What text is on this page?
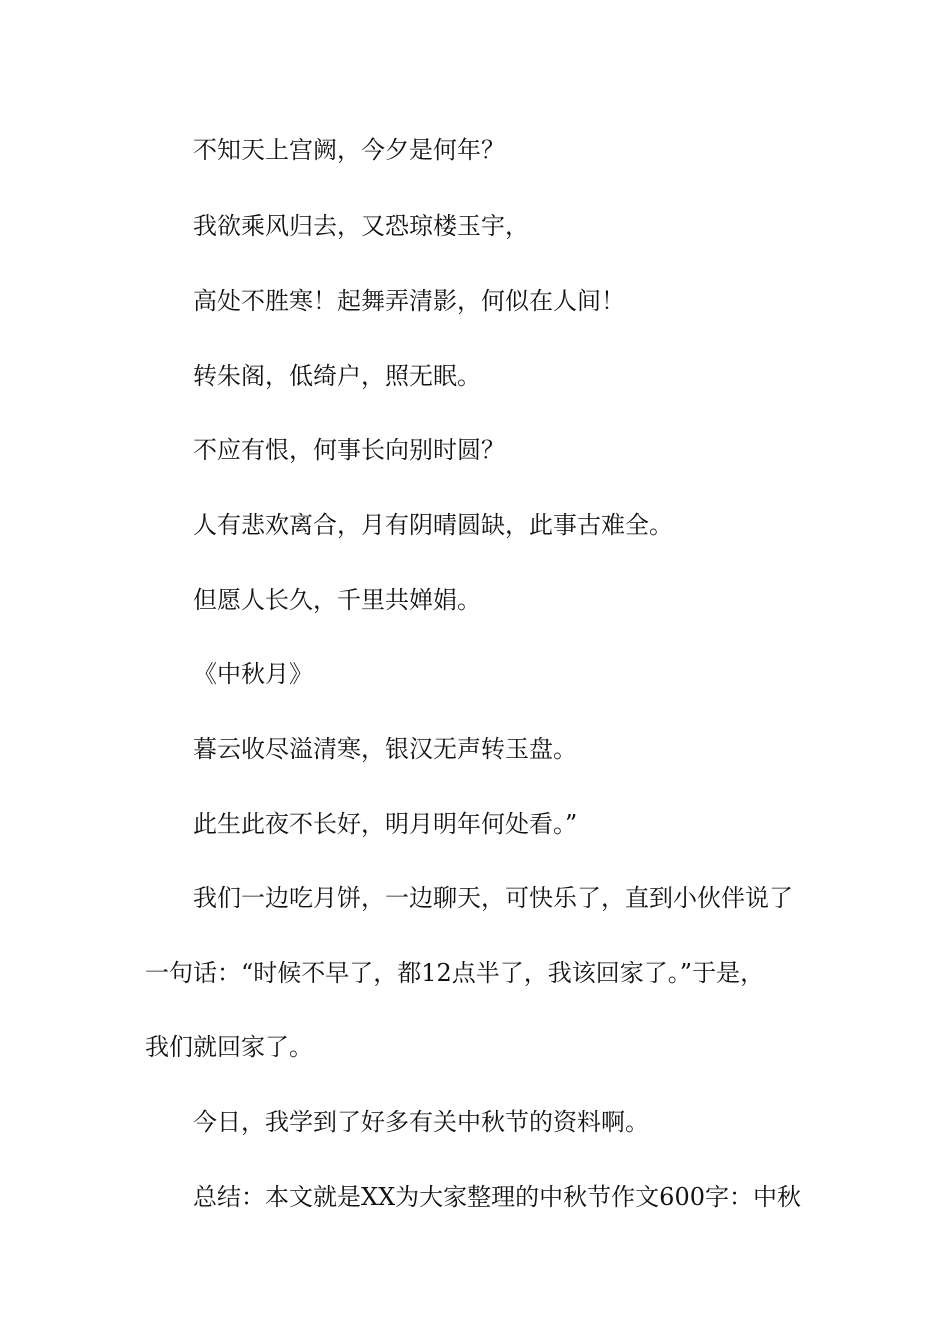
不知天上宫阙，今夕是何年？

我欲乘风归去，又恐琼楼玉宇，

高处不胜寒！起舞弄清影，何似在人间！

转朱阁，低绮户，照无眠。

不应有恨，何事长向别时圆？

人有悲欢离合，月有阴晴圆缺，此事古难全。

但愿人长久，千里共婵娟。

《中秋月》

暮云收尽溢清寒，银汉无声转玉盘。

此生此夜不长好，明月明年何处看。”

我们一边吃月饼，一边聊天，可快乐了，直到小伙伴说了

一句话：“时候不早了，都12点半了，我该回家了。”于是，

我们就回家了。

今日，我学到了好多有关中秋节的资料啊。

总结：本文就是XX为大家整理的中秋节作文600字：中秋
